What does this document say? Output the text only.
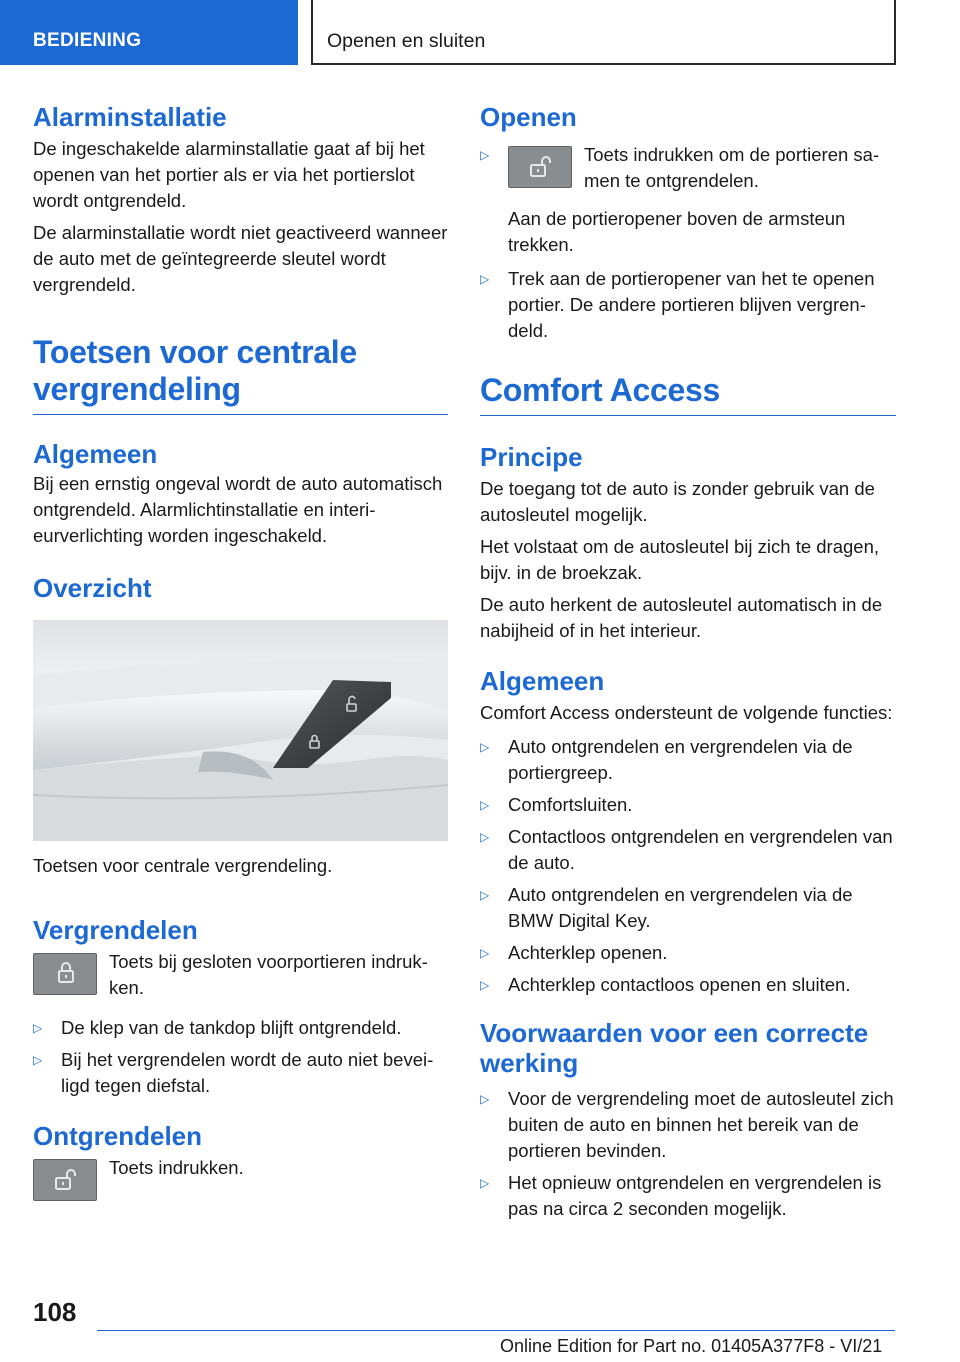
BEDIENING	Openen en sluiten
Alarminstallatie

De ingeschakelde alarminstallatie gaat af bij het openen van het portier als er via het portierslot wordt ontgrendeld.

De alarminstallatie wordt niet geactiveerd wanneer de auto met de geïntegreerde sleutel wordt vergrendeld.

Toetsen voor centrale vergrendeling
Algemeen

Bij een ernstig ongeval wordt de auto automatisch ontgrendeld. Alarmlichtinstallatie en interieurverlichting worden ingeschakeld.

Overzicht

Toetsen voor centrale vergrendeling.

Vergrendelen

Toets bij gesloten voorportieren indrukken.

▷ De klep van de tankdop blijft ontgrendeld.
▷ Bij het vergrendelen wordt de auto niet beveiligd tegen diefstal.
Ontgrendelen

Toets indrukken.

Openen
▷	Toets indrukken om de portieren samen te ontgrendelen.

Aan de portieropener boven de armsteun trekken.

▷ Trek aan de portieropener van het te openen portier. De andere portieren blijven vergrendeld.
Comfort Access
Principe

De toegang tot de auto is zonder gebruik van de autosleutel mogelijk.

Het volstaat om de autosleutel bij zich te dragen, bijv. in de broekzak.

De auto herkent de autosleutel automatisch in de nabijheid of in het interieur.

Algemeen

Comfort Access ondersteunt de volgende functies:

▷ Auto ontgrendelen en vergrendelen via de portiergreep.
▷ Comfortsluiten.
▷ Contactloos ontgrendelen en vergrendelen van de auto.
▷ Auto ontgrendelen en vergrendelen via de BMW Digital Key.
▷ Achterklep openen.
▷ Achterklep contactloos openen en sluiten.
Voorwaarden voor een correcte werking
▷ Voor de vergrendeling moet de autosleutel zich buiten de auto en binnen het bereik van de portieren bevinden.
▷ Het opnieuw ontgrendelen en vergrendelen is pas na circa 2 seconden mogelijk.
108
Online Edition for Part no. 01405A377F8 - VI/21
